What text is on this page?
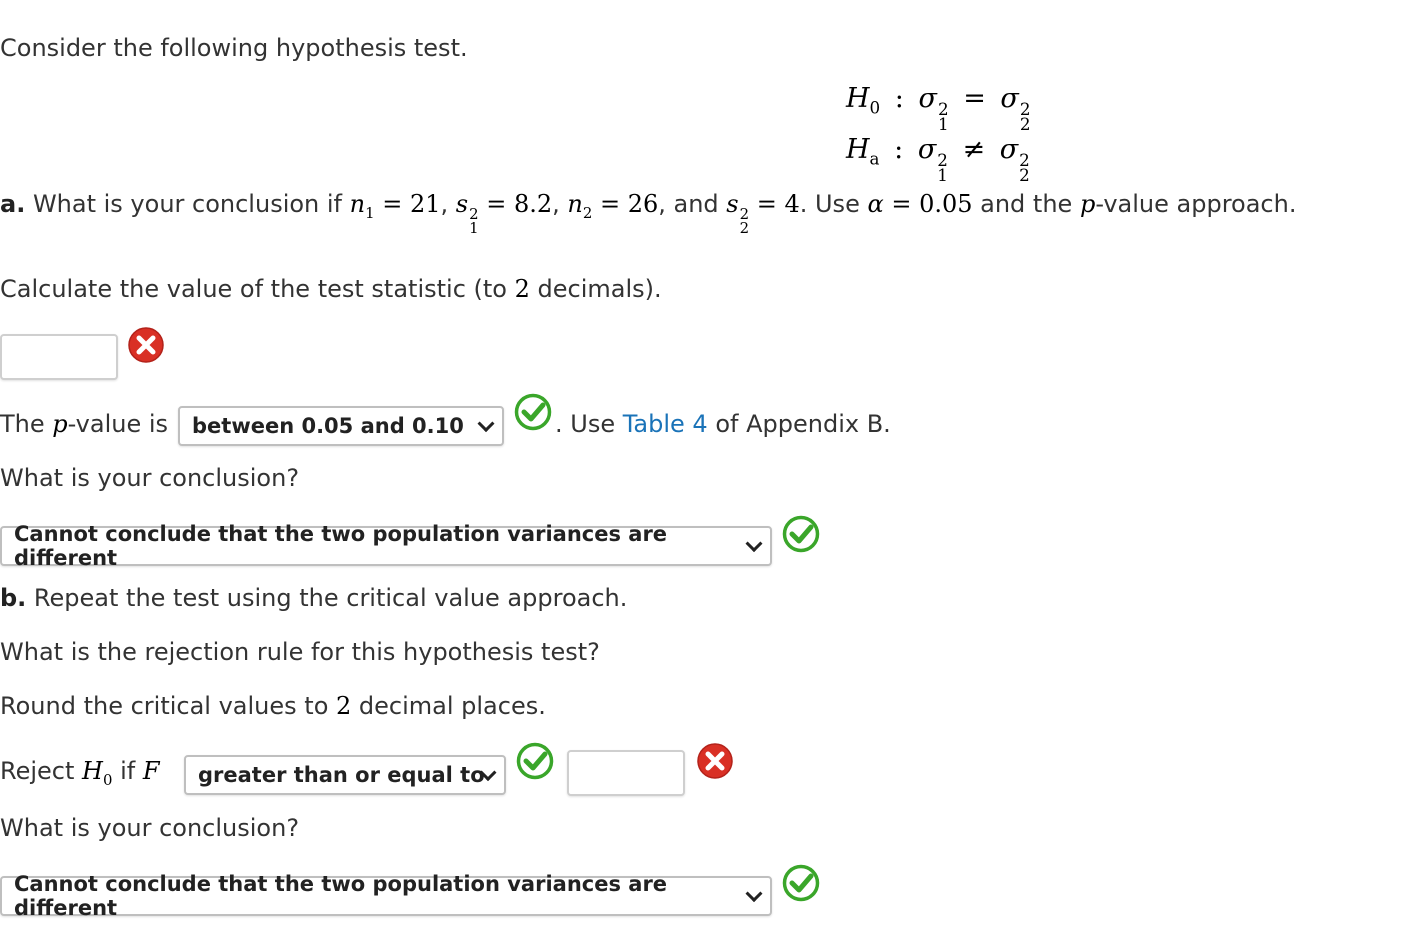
Consider the following hypothesis test.
$H_0$ : σ 2
1
= σ 2
2
$H_a$ : σ 2
1
≠ σ 2
2
a. What is your conclusion if $n_1 = 21$, s 2
1
= 8.2, $n_2 = 26$, and s 2
2
= 4. Use α = 0.05 and the p-value approach.
Calculate the value of the test statistic (to 2 decimals).
The p-value is between 0.05 and 0.10	. Use Table 4 of Appendix B.
What is your conclusion?
Cannot conclude that the two population variances are different
b. Repeat the test using the critical value approach.
What is the rejection rule for this hypothesis test?
Round the critical values to 2 decimal places.
Reject $H_0$ if F greater than or equal to
What is your conclusion?
Cannot conclude that the two population variances are different
